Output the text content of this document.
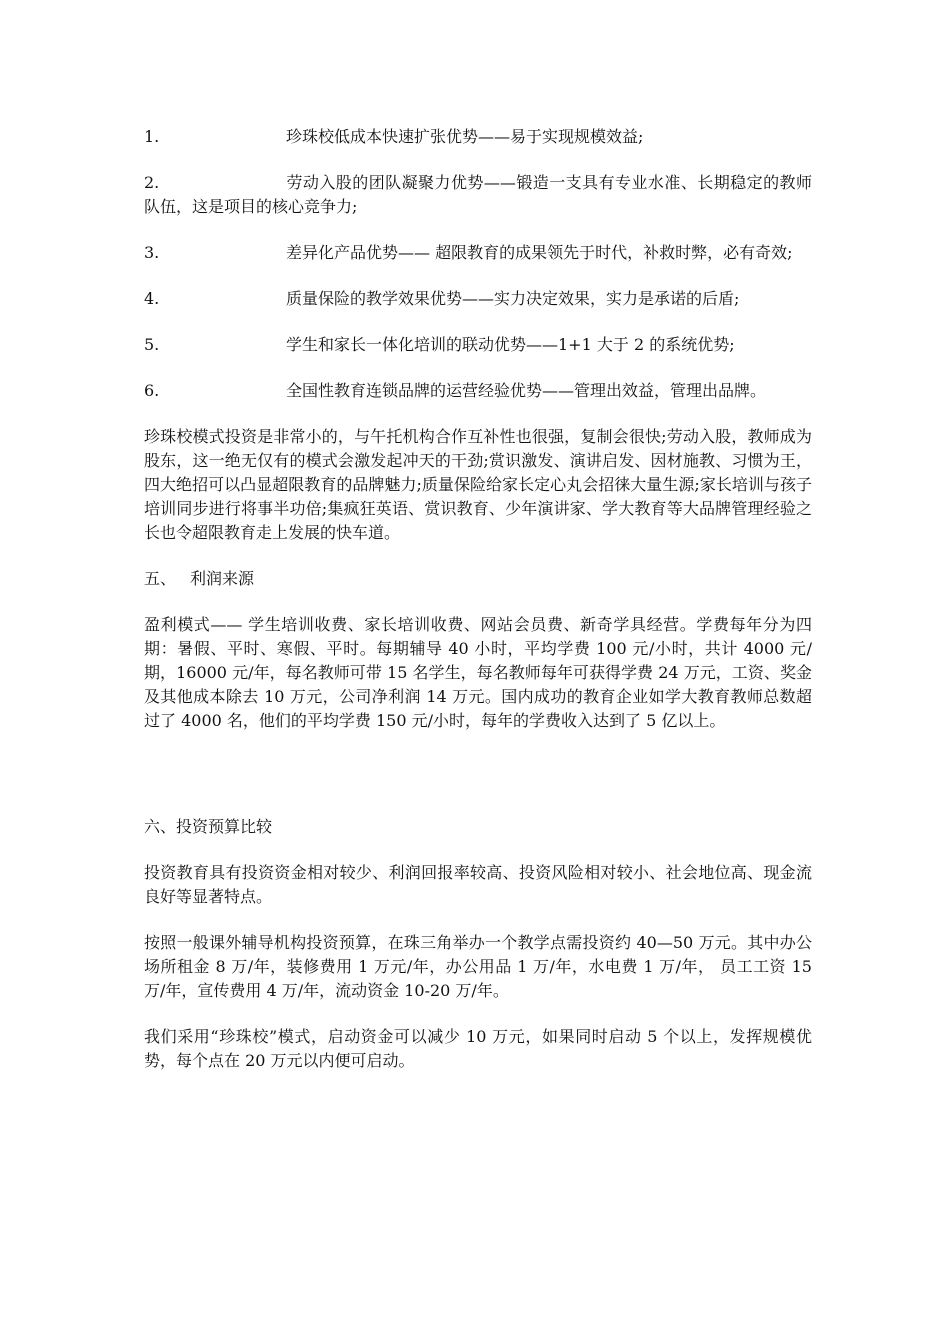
1.	珍珠校低成本快速扩张优势——易于实现规模效益;
2.	劳动入股的团队凝聚力优势——锻造一支具有专业水准、长期稳定的教师队伍，这是项目的核心竞争力;
3.	差异化产品优势—— 超限教育的成果领先于时代，补救时弊，必有奇效;
4.	质量保险的教学效果优势——实力决定效果，实力是承诺的后盾;
5.	学生和家长一体化培训的联动优势——1+1 大于 2 的系统优势;
6.	全国性教育连锁品牌的运营经验优势——管理出效益，管理出品牌。

珍珠校模式投资是非常小的，与午托机构合作互补性也很强，复制会很快;劳动入股，教师成为股东，这一绝无仅有的模式会激发起冲天的干劲;赏识激发、演讲启发、因材施教、习惯为王，四大绝招可以凸显超限教育的品牌魅力;质量保险给家长定心丸会招徕大量生源;家长培训与孩子培训同步进行将事半功倍;集疯狂英语、赏识教育、少年演讲家、学大教育等大品牌管理经验之长也令超限教育走上发展的快车道。

五、 利润来源

盈利模式—— 学生培训收费、家长培训收费、网站会员费、新奇学具经营。学费每年分为四期：暑假、平时、寒假、平时。每期辅导 40 小时，平均学费 100 元/小时，共计 4000 元/期，16000 元/年，每名教师可带 15 名学生，每名教师每年可获得学费 24 万元，工资、奖金及其他成本除去 10 万元，公司净利润 14 万元。国内成功的教育企业如学大教育教师总数超过了 4000 名，他们的平均学费 150 元/小时，每年的学费收入达到了 5 亿以上。

六、投资预算比较

投资教育具有投资资金相对较少、利润回报率较高、投资风险相对较小、社会地位高、现金流良好等显著特点。

按照一般课外辅导机构投资预算，在珠三角举办一个教学点需投资约 40—50 万元。其中办公场所租金 8 万/年，装修费用 1 万元/年，办公用品 1 万/年，水电费 1 万/年， 员工工资 15 万/年，宣传费用 4 万/年，流动资金 10-20 万/年。

我们采用“珍珠校”模式，启动资金可以减少 10 万元，如果同时启动 5 个以上，发挥规模优势，每个点在 20 万元以内便可启动。
